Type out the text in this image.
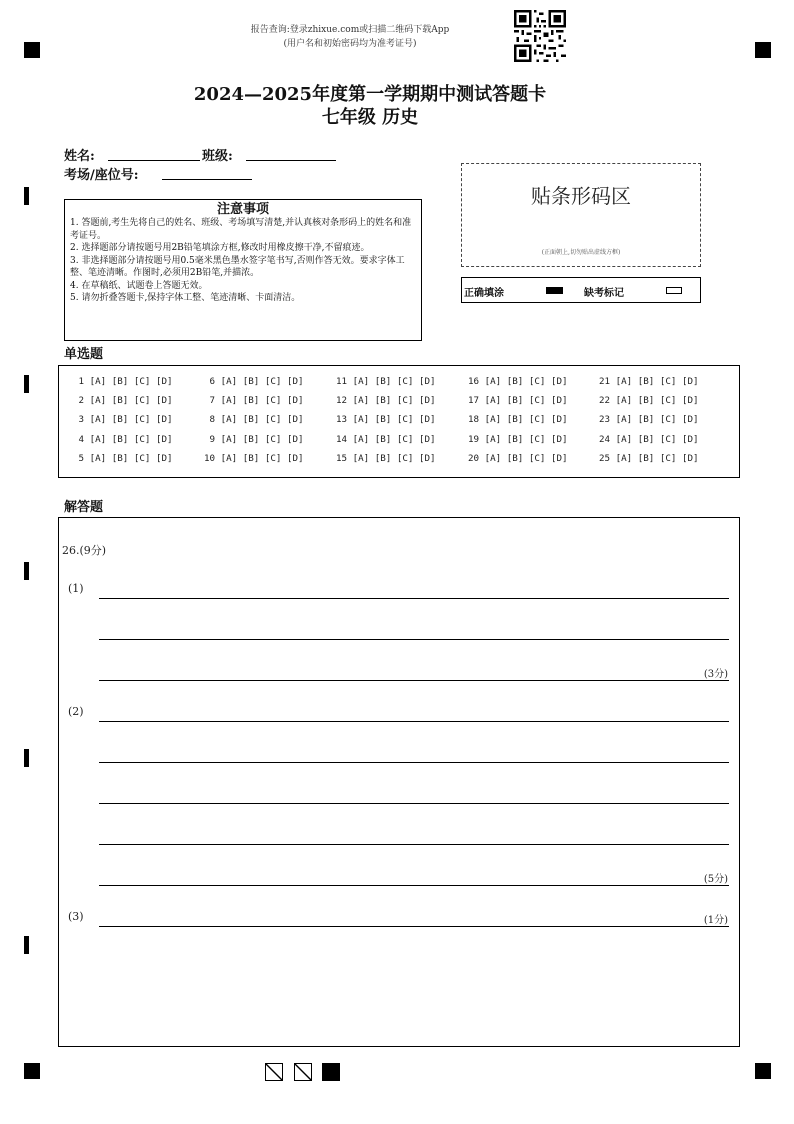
报告查询:登录zhixue.com或扫描二维码下载App
(用户名和初始密码均为准考证号)
2024—2025年度第一学期期中测试答题卡
七年级 历史
姓名:	班级:
考场/座位号:
贴条形码区
(正面朝上,切勿贴出虚线方框)
正确填涂	缺考标记
注意事项
1. 答题前,考生先将自己的姓名、班级、考场填写清楚,并认真核对条形码上的姓名和准考证号。
2. 选择题部分请按题号用2B铅笔填涂方框,修改时用橡皮擦干净,不留痕迹。
3. 非选择题部分请按题号用0.5毫米黑色墨水签字笔书写,否则作答无效。要求字体工整、笔迹清晰。作图时,必须用2B铅笔,并描浓。
4. 在草稿纸、试题卷上答题无效。
5. 请勿折叠答题卡,保持字体工整、笔迹清晰、卡面清洁。
单选题
1 [A] [B] [C] [D]
2 [A] [B] [C] [D]
3 [A] [B] [C] [D]
4 [A] [B] [C] [D]
5 [A] [B] [C] [D]
6 [A] [B] [C] [D]
7 [A] [B] [C] [D]
8 [A] [B] [C] [D]
9 [A] [B] [C] [D]
10 [A] [B] [C] [D]
11 [A] [B] [C] [D]
12 [A] [B] [C] [D]
13 [A] [B] [C] [D]
14 [A] [B] [C] [D]
15 [A] [B] [C] [D]
16 [A] [B] [C] [D]
17 [A] [B] [C] [D]
18 [A] [B] [C] [D]
19 [A] [B] [C] [D]
20 [A] [B] [C] [D]
21 [A] [B] [C] [D]
22 [A] [B] [C] [D]
23 [A] [B] [C] [D]
24 [A] [B] [C] [D]
25 [A] [B] [C] [D]
解答题
26.(9分)
(1)
(3分)
(2)
(5分)
(3)	(1分)
